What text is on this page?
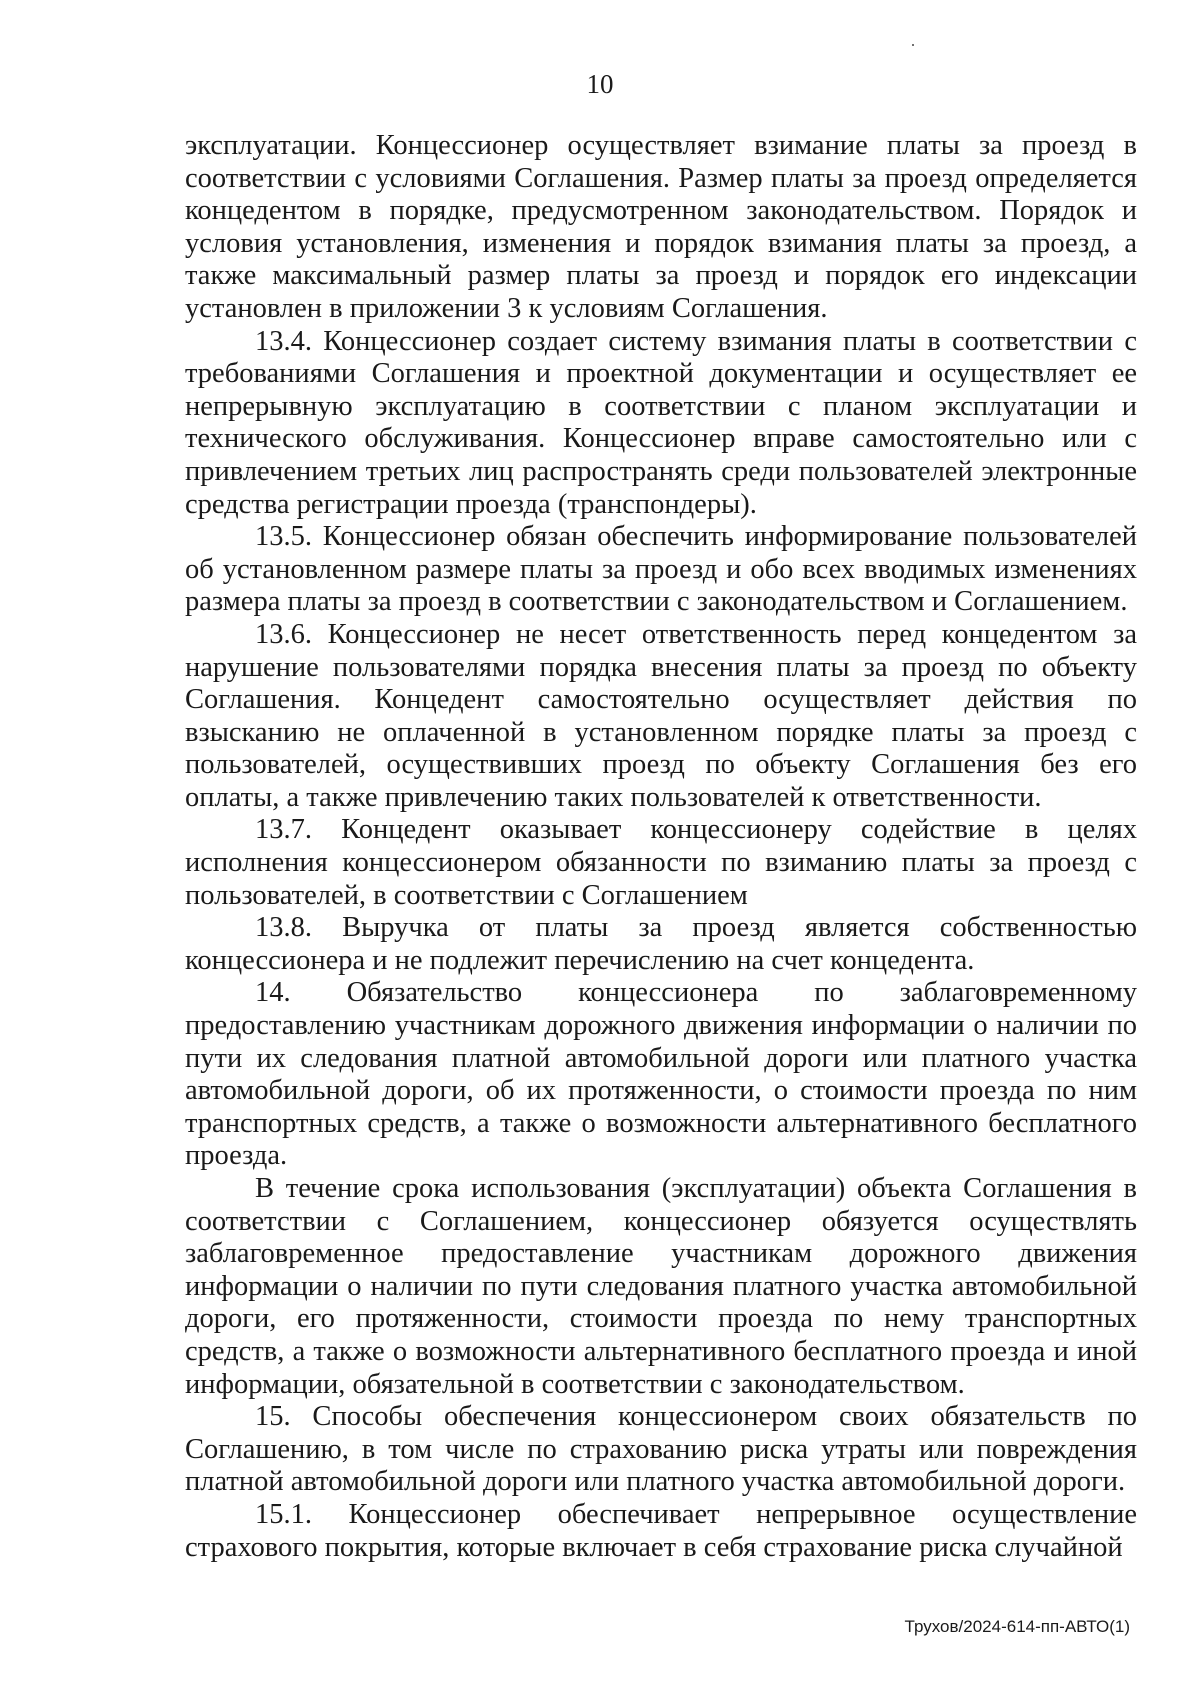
10

эксплуатации. Концессионер осуществляет взимание платы за проезд в соответствии с условиями Соглашения. Размер платы за проезд определяется концедентом в порядке, предусмотренном законодательством. Порядок и условия установления, изменения и порядок взимания платы за проезд, а также максимальный размер платы за проезд и порядок его индексации установлен в приложении 3 к условиям Соглашения.

13.4. Концессионер создает систему взимания платы в соответствии с требованиями Соглашения и проектной документации и осуществляет ее непрерывную эксплуатацию в соответствии с планом эксплуатации и технического обслуживания. Концессионер вправе самостоятельно или с привлечением третьих лиц распространять среди пользователей электронные средства регистрации проезда (транспондеры).

13.5. Концессионер обязан обеспечить информирование пользователей об установленном размере платы за проезд и обо всех вводимых изменениях размера платы за проезд в соответствии с законодательством и Соглашением.

13.6. Концессионер не несет ответственность перед концедентом за нарушение пользователями порядка внесения платы за проезд по объекту Соглашения. Концедент самостоятельно осуществляет действия по взысканию не оплаченной в установленном порядке платы за проезд с пользователей, осуществивших проезд по объекту Соглашения без его оплаты, а также привлечению таких пользователей к ответственности.

13.7. Концедент оказывает концессионеру содействие в целях исполнения концессионером обязанности по взиманию платы за проезд с пользователей, в соответствии с Соглашением

13.8. Выручка от платы за проезд является собственностью концессионера и не подлежит перечислению на счет концедента.

14. Обязательство концессионера по заблаговременному предоставлению участникам дорожного движения информации о наличии по пути их следования платной автомобильной дороги или платного участка автомобильной дороги, об их протяженности, о стоимости проезда по ним транспортных средств, а также о возможности альтернативного бесплатного проезда.

В течение срока использования (эксплуатации) объекта Соглашения в соответствии с Соглашением, концессионер обязуется осуществлять заблаговременное предоставление участникам дорожного движения информации о наличии по пути следования платного участка автомобильной дороги, его протяженности, стоимости проезда по нему транспортных средств, а также о возможности альтернативного бесплатного проезда и иной информации, обязательной в соответствии с законодательством.

15. Способы обеспечения концессионером своих обязательств по Соглашению, в том числе по страхованию риска утраты или повреждения платной автомобильной дороги или платного участка автомобильной дороги.

15.1. Концессионер обеспечивает непрерывное осуществление страхового покрытия, которые включает в себя страхование риска случайной

Трухов/2024-614-пп-АВТО(1)
